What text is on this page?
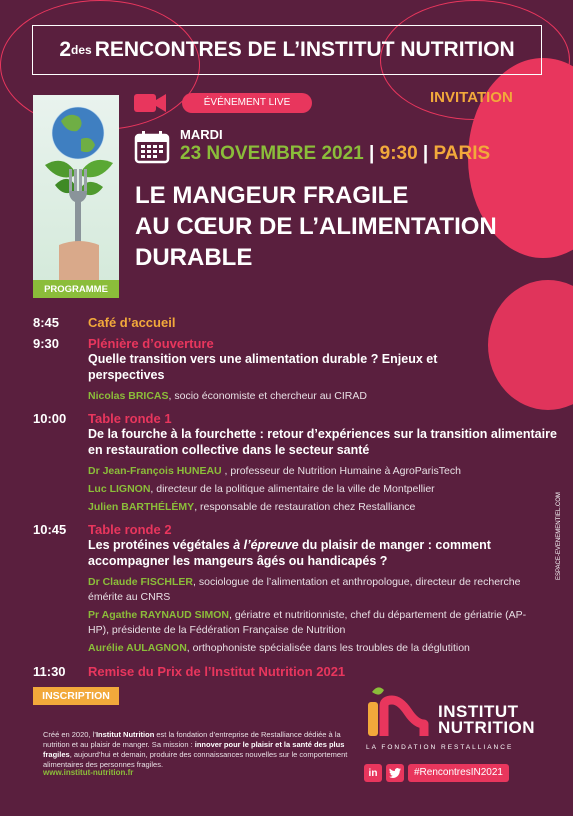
2 des RENCONTRES DE L’INSTITUT NUTRITION
PROGRAMME
ÉVÉNEMENT LIVE	INVITATION
MARDI
23 NOVEMBRE 2021 | 9:30 | PARIS
LE MANGEUR FRAGILE
AU CŒUR DE L’ALIMENTATION
DURABLE
8:45 Café d’accueil
9:30 Plénière d’ouverture
Quelle transition vers une alimentation durable ? Enjeux et perspectives
Nicolas BRICAS, socio économiste et chercheur au CIRAD
10:00 Table ronde 1
De la fourche à la fourchette : retour d’expériences sur la transition alimentaire en restauration collective dans le secteur santé
Dr Jean-François HUNEAU , professeur de Nutrition Humaine à AgroParisTech
Luc LIGNON, directeur de la politique alimentaire de la ville de Montpellier
Julien BARTHÉLÉMY, responsable de restauration chez Restalliance
10:45 Table ronde 2
Les protéines végétales à l’épreuve du plaisir de manger : comment accompagner les mangeurs âgés ou handicapés ?
Dr Claude FISCHLER, sociologue de l’alimentation et anthropologue, directeur de recherche émérite au CNRS
Pr Agathe RAYNAUD SIMON, gériatre et nutritionniste, chef du département de gériatrie (AP-HP), présidente de la Fédération Française de Nutrition
Aurélie AULAGNON, orthophoniste spécialisée dans les troubles de la déglutition
11:30 Remise du Prix de l’Institut Nutrition 2021
INSCRIPTION
Créé en 2020, l’Institut Nutrition est la fondation d’entreprise de Restalliance dédiée à la nutrition et au plaisir de manger. Sa mission : innover pour le plaisir et la santé des plus fragiles, aujourd’hui et demain, produire des connaissances nouvelles sur le comportement alimentaires des personnes fragiles.
www.institut-nutrition.fr
INSTITUT
NUTRITION
LA FONDATION RESTALLIANCE
in	#RencontresIN2021
ESPACE-EVENEMENTIEL.COM
